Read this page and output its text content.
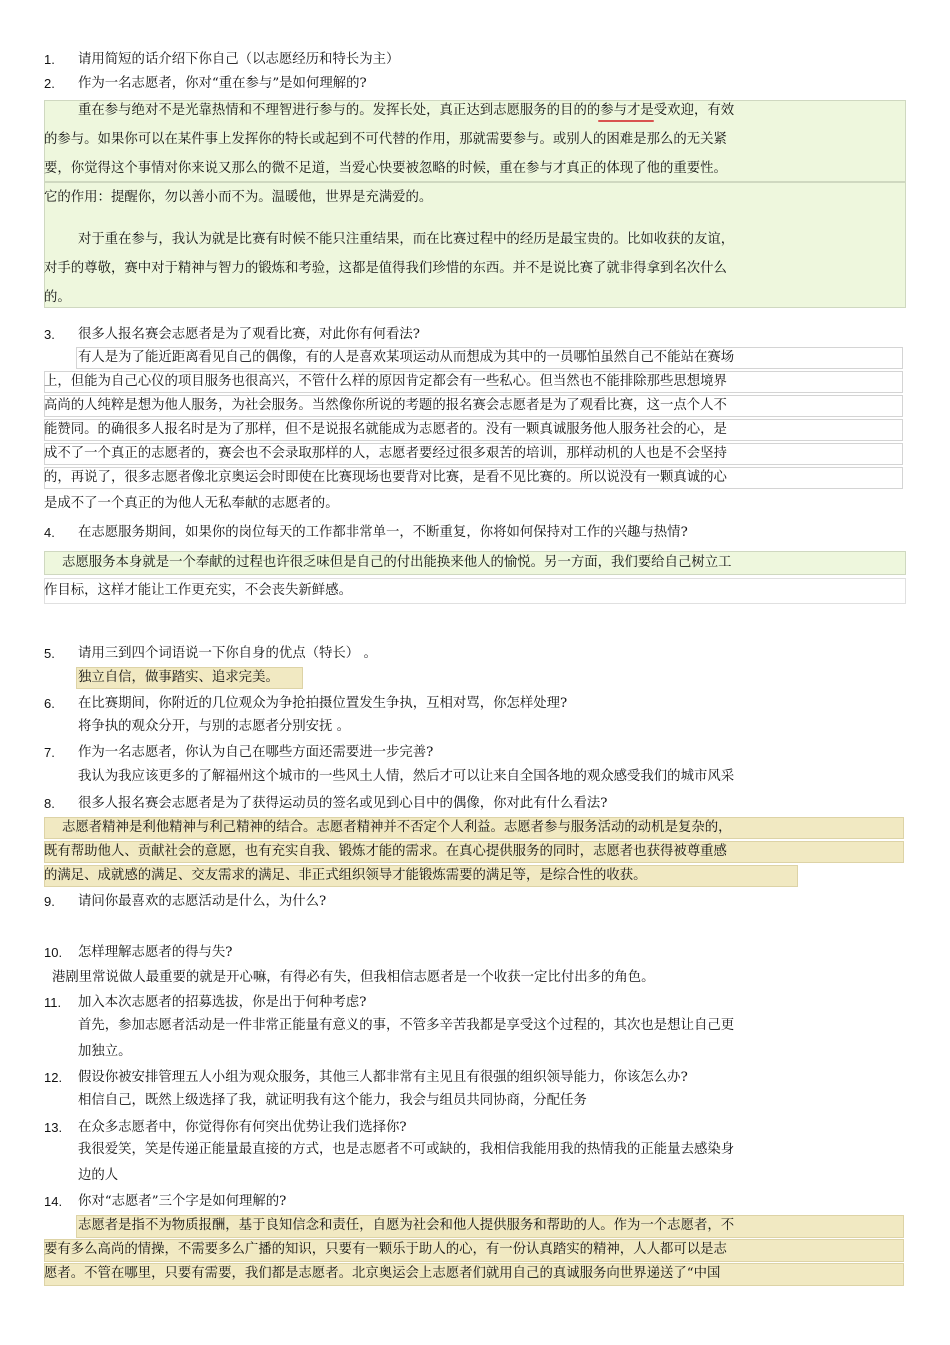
1. 请用简短的话介绍下你自己（以志愿经历和特长为主）
2. 作为一名志愿者，你对“重在参与”是如何理解的?
重在参与绝对不是光靠热情和不理智进行参与的。发挥长处，真正达到志愿服务的目的的参与才是受欢迎，有效
的参与。如果你可以在某件事上发挥你的特长或起到不可代替的作用，那就需要参与。或别人的困难是那么的无关紧
要，你觉得这个事情对你来说又那么的微不足道，当爱心快要被忽略的时候，重在参与才真正的体现了他的重要性。
它的作用：提醒你，勿以善小而不为。温暖他，世界是充满爱的。
对于重在参与，我认为就是比赛有时候不能只注重结果，而在比赛过程中的经历是最宝贵的。比如收获的友谊，
对手的尊敬，赛中对于精神与智力的锻炼和考验，这都是值得我们珍惜的东西。并不是说比赛了就非得拿到名次什么
的。
3. 很多人报名赛会志愿者是为了观看比赛，对此你有何看法?
有人是为了能近距离看见自己的偶像，有的人是喜欢某项运动从而想成为其中的一员哪怕虽然自己不能站在赛场
上，但能为自己心仪的项目服务也很高兴，不管什么样的原因肯定都会有一些私心。但当然也不能排除那些思想境界
高尚的人纯粹是想为他人服务，为社会服务。当然像你所说的考题的报名赛会志愿者是为了观看比赛，这一点个人不
能赞同。的确很多人报名时是为了那样，但不是说报名就能成为志愿者的。没有一颗真诚服务他人服务社会的心，是
成不了一个真正的志愿者的，赛会也不会录取那样的人，志愿者要经过很多艰苦的培训，那样动机的人也是不会坚持
的，再说了，很多志愿者像北京奥运会时即使在比赛现场也要背对比赛，是看不见比赛的。所以说没有一颗真诚的心
是成不了一个真正的为他人无私奉献的志愿者的。
4. 在志愿服务期间，如果你的岗位每天的工作都非常单一，不断重复，你将如何保持对工作的兴趣与热情?
志愿服务本身就是一个奉献的过程也许很乏味但是自己的付出能换来他人的愉悦。另一方面，我们要给自己树立工
作目标，这样才能让工作更充实，不会丧失新鲜感。
5. 请用三到四个词语说一下你自身的优点（特长） 。
独立自信，做事踏实、追求完美。
6. 在比赛期间，你附近的几位观众为争抢拍摄位置发生争执，互相对骂，你怎样处理?
将争执的观众分开，与别的志愿者分别安抚 。
7. 作为一名志愿者，你认为自己在哪些方面还需要进一步完善?
我认为我应该更多的了解福州这个城市的一些风土人情，然后才可以让来自全国各地的观众感受我们的城市风采
8. 很多人报名赛会志愿者是为了获得运动员的签名或见到心目中的偶像，你对此有什么看法?
志愿者精神是利他精神与利己精神的结合。志愿者精神并不否定个人利益。志愿者参与服务活动的动机是复杂的，
既有帮助他人、贡献社会的意愿，也有充实自我、锻炼才能的需求。在真心提供服务的同时，志愿者也获得被尊重感
的满足、成就感的满足、交友需求的满足、非正式组织领导才能锻炼需要的满足等，是综合性的收获。
9. 请问你最喜欢的志愿活动是什么，为什么?
10. 怎样理解志愿者的得与失?
港剧里常说做人最重要的就是开心嘛，有得必有失，但我相信志愿者是一个收获一定比付出多的角色。
11. 加入本次志愿者的招募选拔，你是出于何种考虑?
首先，参加志愿者活动是一件非常正能量有意义的事，不管多辛苦我都是享受这个过程的，其次也是想让自己更
加独立。
12. 假设你被安排管理五人小组为观众服务，其他三人都非常有主见且有很强的组织领导能力，你该怎么办?
相信自己，既然上级选择了我，就证明我有这个能力，我会与组员共同协商，分配任务
13. 在众多志愿者中，你觉得你有何突出优势让我们选择你?
我很爱笑，笑是传递正能量最直接的方式，也是志愿者不可或缺的，我相信我能用我的热情我的正能量去感染身
边的人
14. 你对“志愿者”三个字是如何理解的?
志愿者是指不为物质报酬，基于良知信念和责任，自愿为社会和他人提供服务和帮助的人。作为一个志愿者，不
要有多么高尚的情操，不需要多么广播的知识，只要有一颗乐于助人的心，有一份认真踏实的精神，人人都可以是志
愿者。不管在哪里，只要有需要，我们都是志愿者。北京奥运会上志愿者们就用自己的真诚服务向世界递送了“中国
